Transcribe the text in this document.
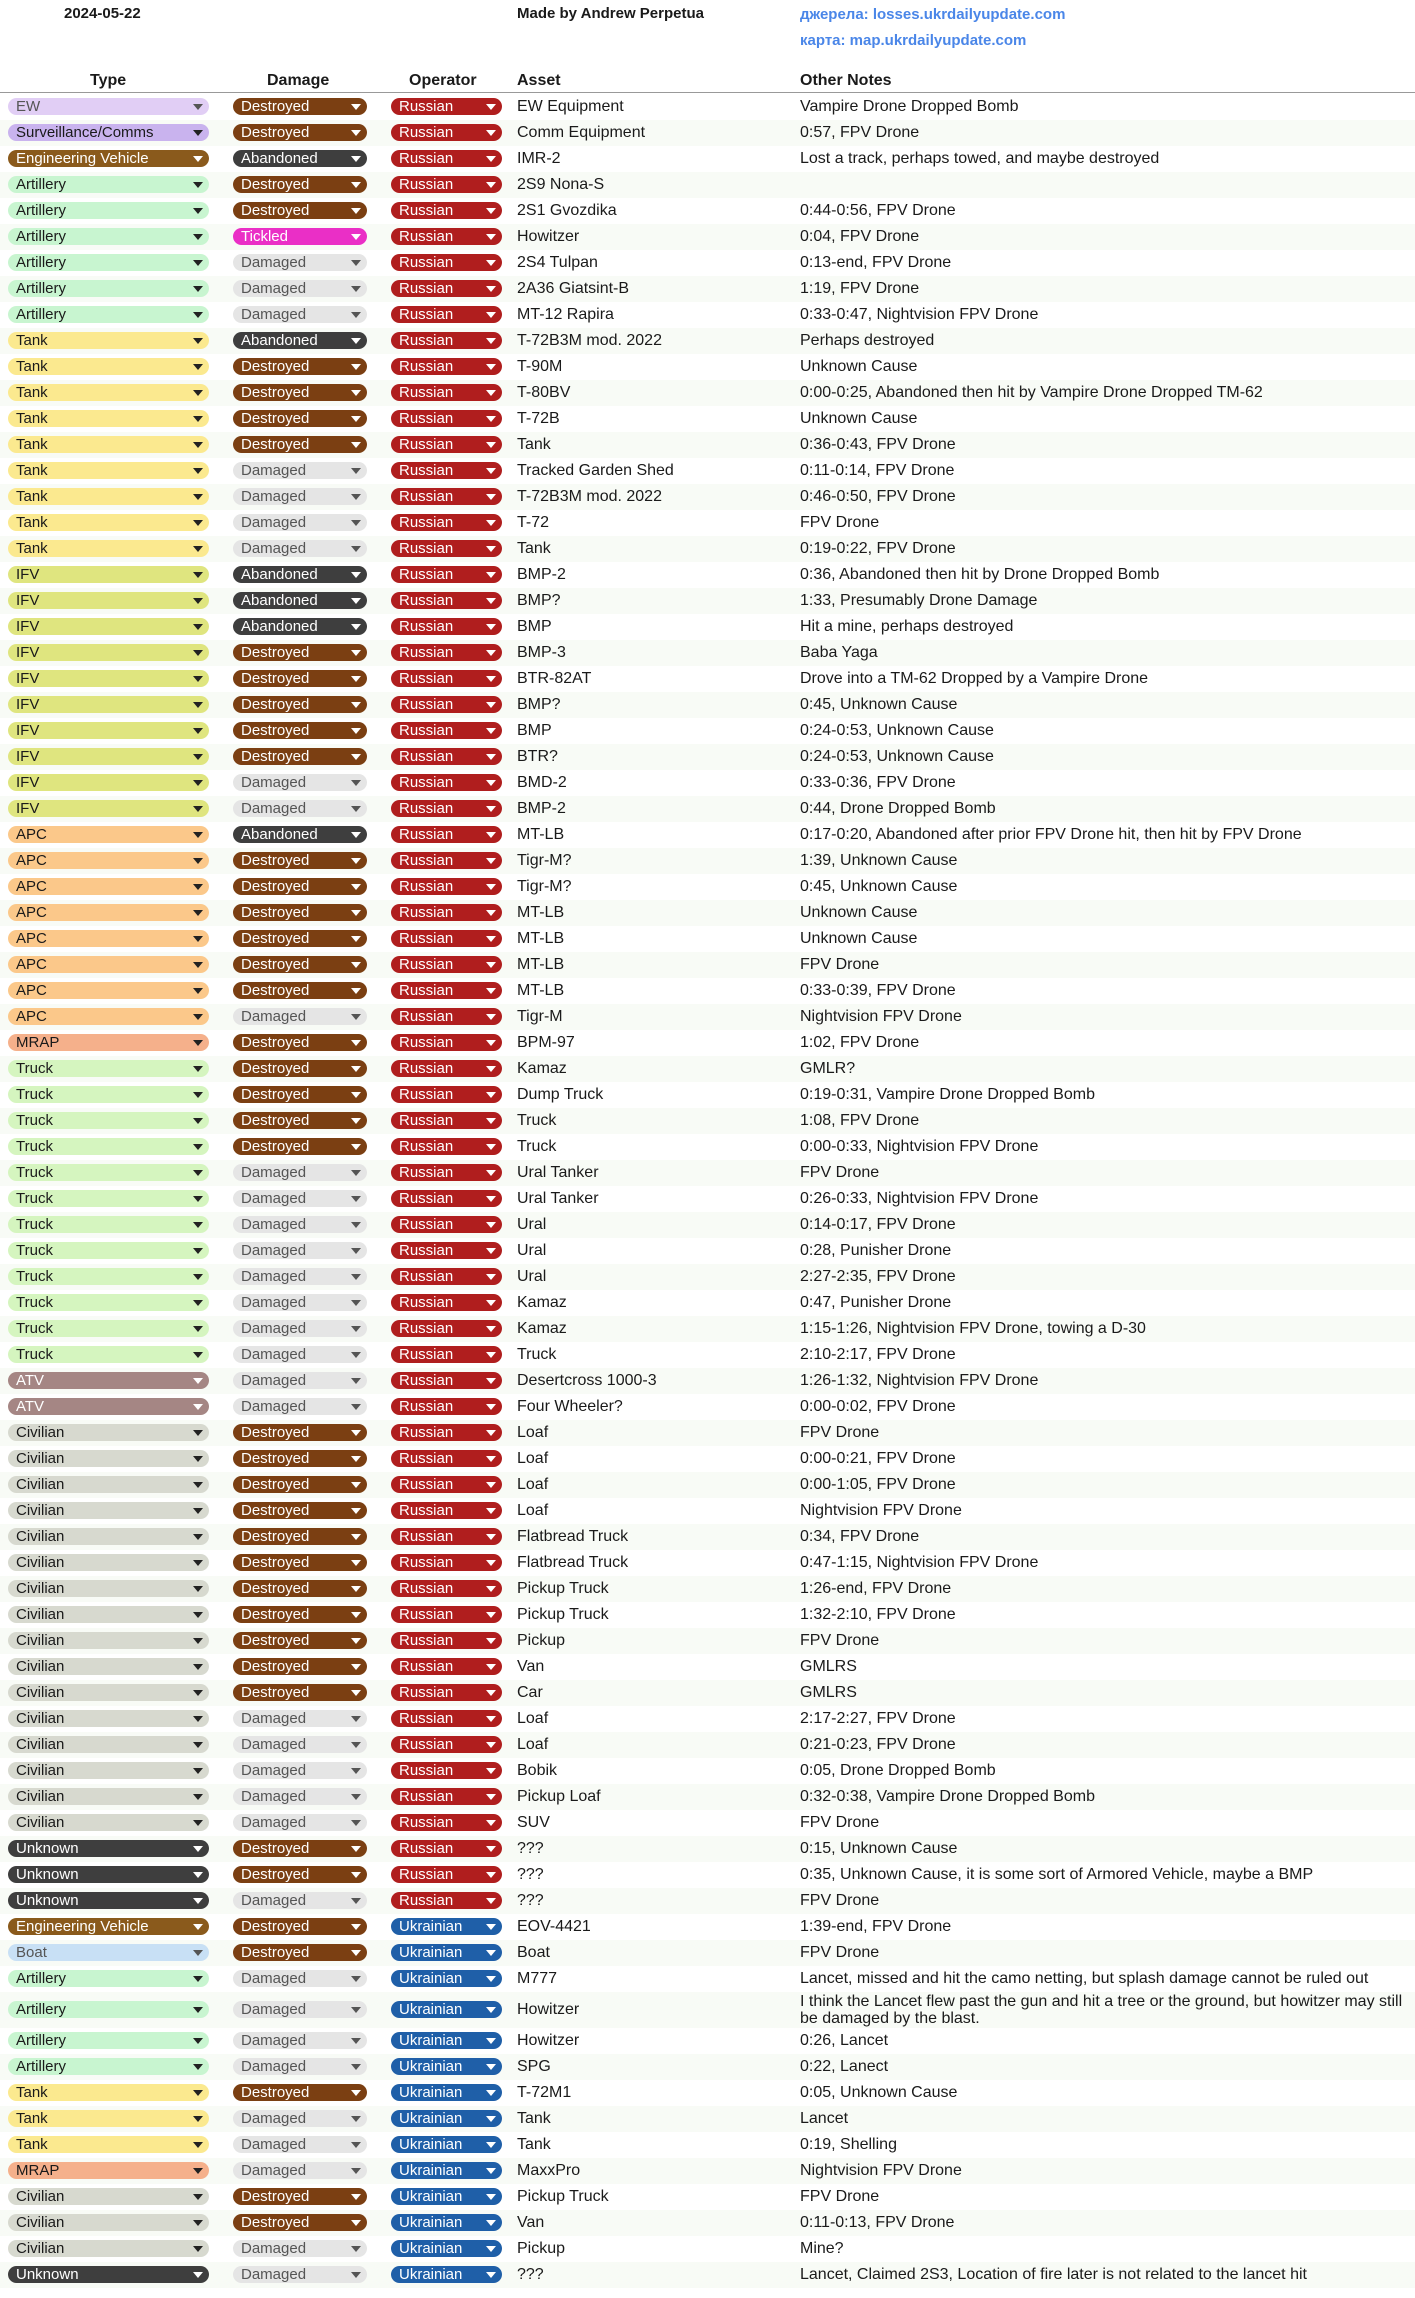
2024-05-22	Made by Andrew Perpetua	джерела: losses.ukrdailyupdate.com
карта: map.ukrdailyupdate.com
Type	Damage	Operator	Asset	Other Notes
EW	Destroyed	Russian	EW Equipment	Vampire Drone Dropped Bomb
Surveillance/Comms	Destroyed	Russian	Comm Equipment	0:57, FPV Drone
Engineering Vehicle	Abandoned	Russian	IMR-2	Lost a track, perhaps towed, and maybe destroyed
Artillery	Destroyed	Russian	2S9 Nona-S
Artillery	Destroyed	Russian	2S1 Gvozdika	0:44-0:56, FPV Drone
Artillery	Tickled	Russian	Howitzer	0:04, FPV Drone
Artillery	Damaged	Russian	2S4 Tulpan	0:13-end, FPV Drone
Artillery	Damaged	Russian	2A36 Giatsint-B	1:19, FPV Drone
Artillery	Damaged	Russian	MT-12 Rapira	0:33-0:47, Nightvision FPV Drone
Tank	Abandoned	Russian	T-72B3M mod. 2022	Perhaps destroyed
Tank	Destroyed	Russian	T-90M	Unknown Cause
Tank	Destroyed	Russian	T-80BV	0:00-0:25, Abandoned then hit by Vampire Drone Dropped TM-62
Tank	Destroyed	Russian	T-72B	Unknown Cause
Tank	Destroyed	Russian	Tank	0:36-0:43, FPV Drone
Tank	Damaged	Russian	Tracked Garden Shed	0:11-0:14, FPV Drone
Tank	Damaged	Russian	T-72B3M mod. 2022	0:46-0:50, FPV Drone
Tank	Damaged	Russian	T-72	FPV Drone
Tank	Damaged	Russian	Tank	0:19-0:22, FPV Drone
IFV	Abandoned	Russian	BMP-2	0:36, Abandoned then hit by Drone Dropped Bomb
IFV	Abandoned	Russian	BMP?	1:33, Presumably Drone Damage
IFV	Abandoned	Russian	BMP	Hit a mine, perhaps destroyed
IFV	Destroyed	Russian	BMP-3	Baba Yaga
IFV	Destroyed	Russian	BTR-82AT	Drove into a TM-62 Dropped by a Vampire Drone
IFV	Destroyed	Russian	BMP?	0:45, Unknown Cause
IFV	Destroyed	Russian	BMP	0:24-0:53, Unknown Cause
IFV	Destroyed	Russian	BTR?	0:24-0:53, Unknown Cause
IFV	Damaged	Russian	BMD-2	0:33-0:36, FPV Drone
IFV	Damaged	Russian	BMP-2	0:44, Drone Dropped Bomb
APC	Abandoned	Russian	MT-LB	0:17-0:20, Abandoned after prior FPV Drone hit, then hit by FPV Drone
APC	Destroyed	Russian	Tigr-M?	1:39, Unknown Cause
APC	Destroyed	Russian	Tigr-M?	0:45, Unknown Cause
APC	Destroyed	Russian	MT-LB	Unknown Cause
APC	Destroyed	Russian	MT-LB	Unknown Cause
APC	Destroyed	Russian	MT-LB	FPV Drone
APC	Destroyed	Russian	MT-LB	0:33-0:39, FPV Drone
APC	Damaged	Russian	Tigr-M	Nightvision FPV Drone
MRAP	Destroyed	Russian	BPM-97	1:02, FPV Drone
Truck	Destroyed	Russian	Kamaz	GMLR?
Truck	Destroyed	Russian	Dump Truck	0:19-0:31, Vampire Drone Dropped Bomb
Truck	Destroyed	Russian	Truck	1:08, FPV Drone
Truck	Destroyed	Russian	Truck	0:00-0:33, Nightvision FPV Drone
Truck	Damaged	Russian	Ural Tanker	FPV Drone
Truck	Damaged	Russian	Ural Tanker	0:26-0:33, Nightvision FPV Drone
Truck	Damaged	Russian	Ural	0:14-0:17, FPV Drone
Truck	Damaged	Russian	Ural	0:28, Punisher Drone
Truck	Damaged	Russian	Ural	2:27-2:35, FPV Drone
Truck	Damaged	Russian	Kamaz	0:47, Punisher Drone
Truck	Damaged	Russian	Kamaz	1:15-1:26, Nightvision FPV Drone, towing a D-30
Truck	Damaged	Russian	Truck	2:10-2:17, FPV Drone
ATV	Damaged	Russian	Desertcross 1000-3	1:26-1:32, Nightvision FPV Drone
ATV	Damaged	Russian	Four Wheeler?	0:00-0:02, FPV Drone
Civilian	Destroyed	Russian	Loaf	FPV Drone
Civilian	Destroyed	Russian	Loaf	0:00-0:21, FPV Drone
Civilian	Destroyed	Russian	Loaf	0:00-1:05, FPV Drone
Civilian	Destroyed	Russian	Loaf	Nightvision FPV Drone
Civilian	Destroyed	Russian	Flatbread Truck	0:34, FPV Drone
Civilian	Destroyed	Russian	Flatbread Truck	0:47-1:15, Nightvision FPV Drone
Civilian	Destroyed	Russian	Pickup Truck	1:26-end, FPV Drone
Civilian	Destroyed	Russian	Pickup Truck	1:32-2:10, FPV Drone
Civilian	Destroyed	Russian	Pickup	FPV Drone
Civilian	Destroyed	Russian	Van	GMLRS
Civilian	Destroyed	Russian	Car	GMLRS
Civilian	Damaged	Russian	Loaf	2:17-2:27, FPV Drone
Civilian	Damaged	Russian	Loaf	0:21-0:23, FPV Drone
Civilian	Damaged	Russian	Bobik	0:05, Drone Dropped Bomb
Civilian	Damaged	Russian	Pickup Loaf	0:32-0:38, Vampire Drone Dropped Bomb
Civilian	Damaged	Russian	SUV	FPV Drone
Unknown	Destroyed	Russian	???	0:15, Unknown Cause
Unknown	Destroyed	Russian	???	0:35, Unknown Cause, it is some sort of Armored Vehicle, maybe a BMP
Unknown	Damaged	Russian	???	FPV Drone
Engineering Vehicle	Destroyed	Ukrainian	EOV-4421	1:39-end, FPV Drone
Boat	Destroyed	Ukrainian	Boat	FPV Drone
Artillery	Damaged	Ukrainian	M777	Lancet, missed and hit the camo netting, but splash damage cannot be ruled out
Artillery	Damaged	Ukrainian	Howitzer	I think the Lancet flew past the gun and hit a tree or the ground, but howitzer may still be damaged by the blast.
Artillery	Damaged	Ukrainian	Howitzer	0:26, Lancet
Artillery	Damaged	Ukrainian	SPG	0:22, Lanect
Tank	Destroyed	Ukrainian	T-72M1	0:05, Unknown Cause
Tank	Damaged	Ukrainian	Tank	Lancet
Tank	Damaged	Ukrainian	Tank	0:19, Shelling
MRAP	Damaged	Ukrainian	MaxxPro	Nightvision FPV Drone
Civilian	Destroyed	Ukrainian	Pickup Truck	FPV Drone
Civilian	Destroyed	Ukrainian	Van	0:11-0:13, FPV Drone
Civilian	Damaged	Ukrainian	Pickup	Mine?
Unknown	Damaged	Ukrainian	???	Lancet, Claimed 2S3, Location of fire later is not related to the lancet hit
